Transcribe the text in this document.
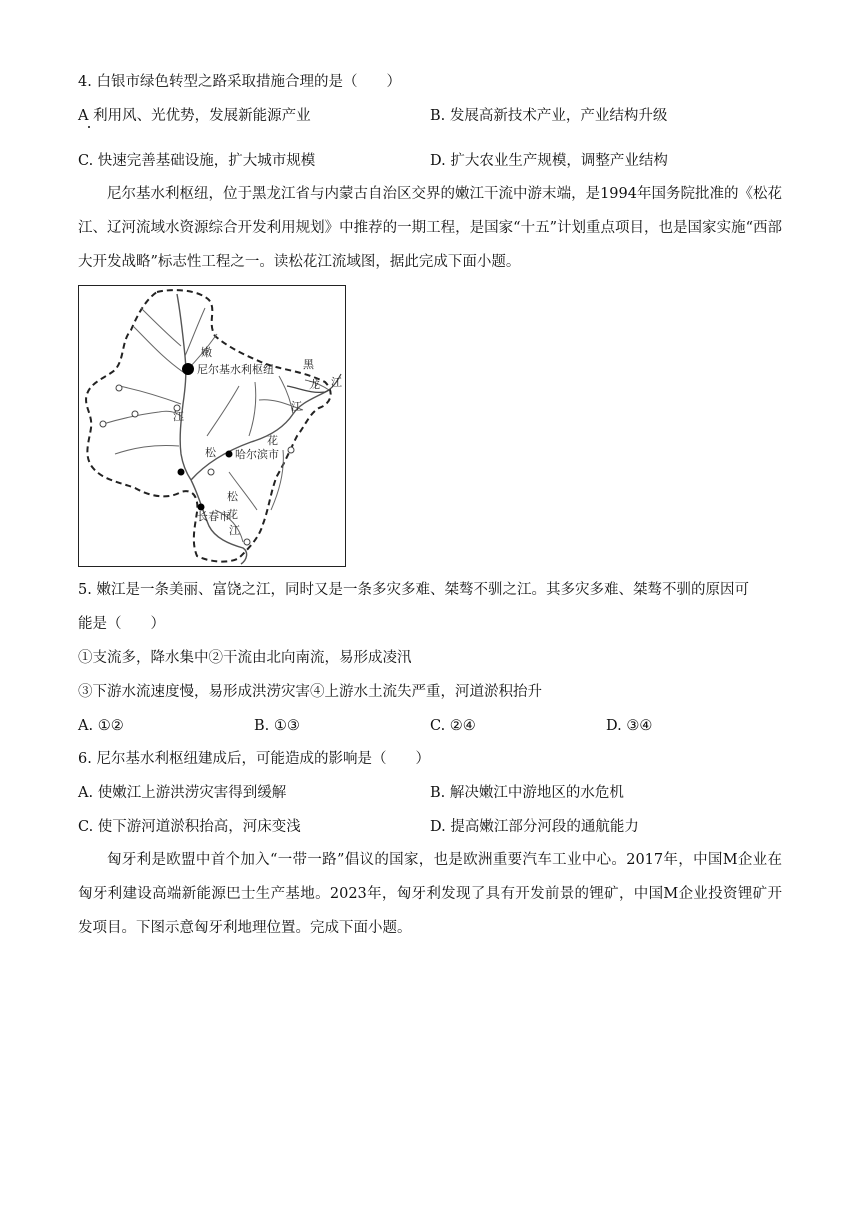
4. 白银市绿色转型之路采取措施合理的是（　　）
A 利用风、光优势，发展新能源产业	B. 发展高新技术产业，产业结构升级
C. 快速完善基础设施，扩大城市规模	D. 扩大农业生产规模，调整产业结构
尼尔基水利枢纽，位于黑龙江省与内蒙古自治区交界的嫩江干流中游末端，是1994年国务院批准的《松花江、辽河流域水资源综合开发利用规划》中推荐的一期工程，是国家“十五”计划重点项目，也是国家实施“西部大开发战略”标志性工程之一。读松花江流域图，据此完成下面小题。
嫩
尼尔基水利枢纽	黑
龙 江
江
江
花
松 哈尔滨市
松
花
长春市
江
5. 嫩江是一条美丽、富饶之江，同时又是一条多灾多难、桀骜不驯之江。其多灾多难、桀骜不驯的原因可
能是（　　）
①支流多，降水集中②干流由北向南流，易形成凌汛
③下游水流速度慢，易形成洪涝灾害④上游水土流失严重，河道淤积抬升
A. ①②	B. ①③	C. ②④	D. ③④
6. 尼尔基水利枢纽建成后，可能造成的影响是（　　）
A. 使嫩江上游洪涝灾害得到缓解	B. 解决嫩江中游地区的水危机
C. 使下游河道淤积抬高，河床变浅	D. 提高嫩江部分河段的通航能力
匈牙利是欧盟中首个加入“一带一路”倡议的国家，也是欧洲重要汽车工业中心。2017年，中国M企业在匈牙利建设高端新能源巴士生产基地。2023年，匈牙利发现了具有开发前景的锂矿，中国M企业投资锂矿开发项目。下图示意匈牙利地理位置。完成下面小题。
